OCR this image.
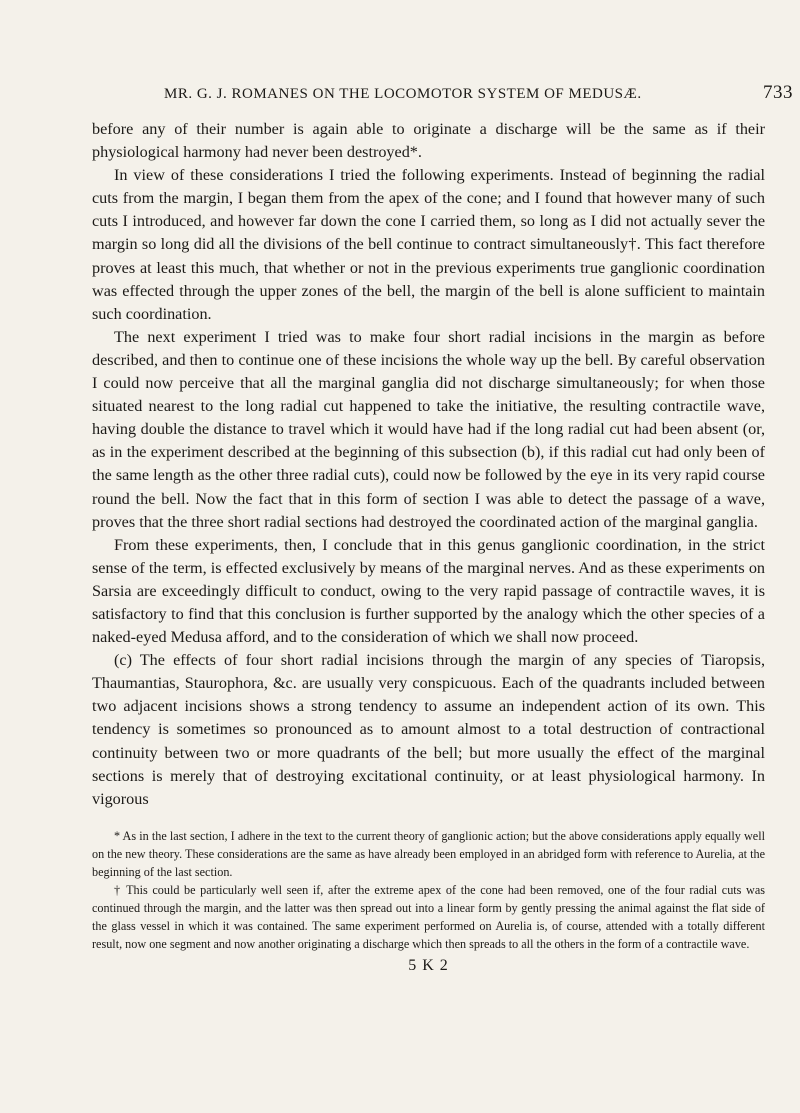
MR. G. J. ROMANES ON THE LOCOMOTOR SYSTEM OF MEDUSÆ.	733

before any of their number is again able to originate a discharge will be the same as if their physiological harmony had never been destroyed*.

In view of these considerations I tried the following experiments. Instead of beginning the radial cuts from the margin, I began them from the apex of the cone; and I found that however many of such cuts I introduced, and however far down the cone I carried them, so long as I did not actually sever the margin so long did all the divisions of the bell continue to contract simultaneously†. This fact therefore proves at least this much, that whether or not in the previous experiments true ganglionic coordination was effected through the upper zones of the bell, the margin of the bell is alone sufficient to maintain such coordination.

The next experiment I tried was to make four short radial incisions in the margin as before described, and then to continue one of these incisions the whole way up the bell. By careful observation I could now perceive that all the marginal ganglia did not discharge simultaneously; for when those situated nearest to the long radial cut happened to take the initiative, the resulting contractile wave, having double the distance to travel which it would have had if the long radial cut had been absent (or, as in the experiment described at the beginning of this subsection (b), if this radial cut had only been of the same length as the other three radial cuts), could now be followed by the eye in its very rapid course round the bell. Now the fact that in this form of section I was able to detect the passage of a wave, proves that the three short radial sections had destroyed the coordinated action of the marginal ganglia.

From these experiments, then, I conclude that in this genus ganglionic coordination, in the strict sense of the term, is effected exclusively by means of the marginal nerves. And as these experiments on Sarsia are exceedingly difficult to conduct, owing to the very rapid passage of contractile waves, it is satisfactory to find that this conclusion is further supported by the analogy which the other species of a naked-eyed Medusa afford, and to the consideration of which we shall now proceed.

(c) The effects of four short radial incisions through the margin of any species of Tiaropsis, Thaumantias, Staurophora, &c. are usually very conspicuous. Each of the quadrants included between two adjacent incisions shows a strong tendency to assume an independent action of its own. This tendency is sometimes so pronounced as to amount almost to a total destruction of contractional continuity between two or more quadrants of the bell; but more usually the effect of the marginal sections is merely that of destroying excitational continuity, or at least physiological harmony. In vigorous

* As in the last section, I adhere in the text to the current theory of ganglionic action; but the above considerations apply equally well on the new theory. These considerations are the same as have already been employed in an abridged form with reference to Aurelia, at the beginning of the last section.

† This could be particularly well seen if, after the extreme apex of the cone had been removed, one of the four radial cuts was continued through the margin, and the latter was then spread out into a linear form by gently pressing the animal against the flat side of the glass vessel in which it was contained. The same experiment performed on Aurelia is, of course, attended with a totally different result, now one segment and now another originating a discharge which then spreads to all the others in the form of a contractile wave.

5 K 2
